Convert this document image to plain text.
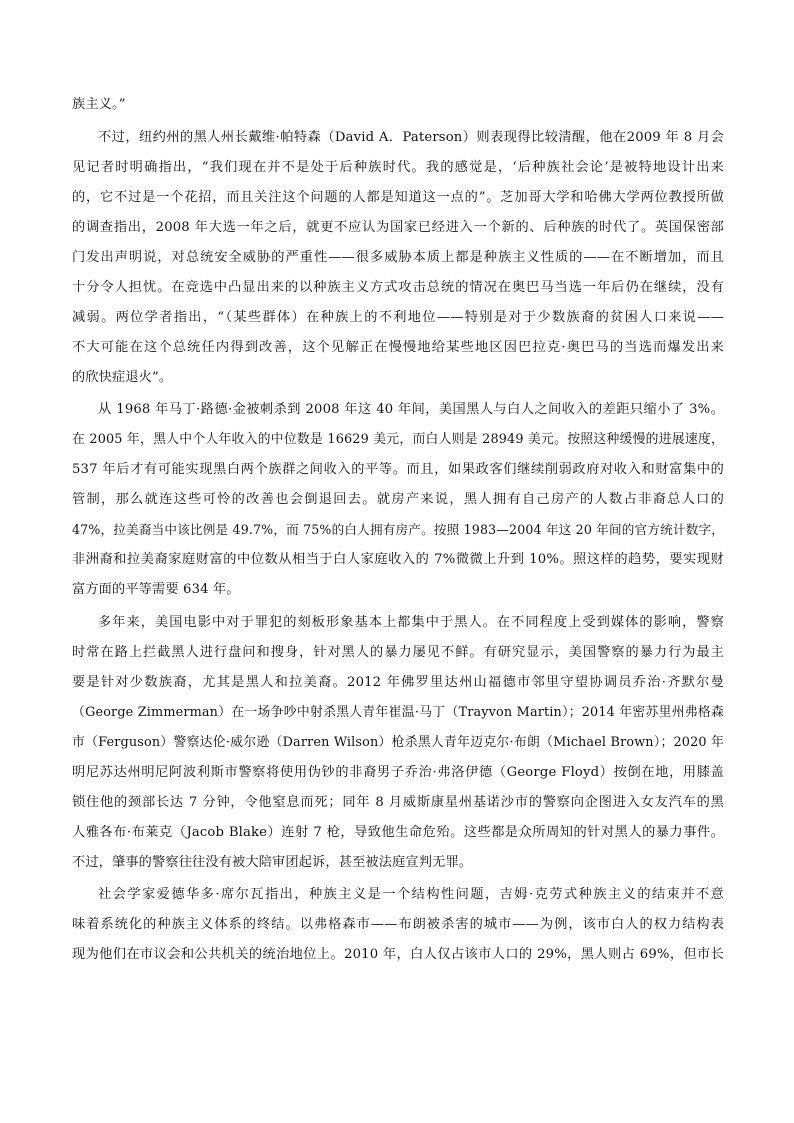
族主义。”
不过，纽约州的黑人州长戴维·帕特森（David A．Paterson）则表现得比较清醒，他在2009 年 8 月会
见记者时明确指出，“我们现在并不是处于后种族时代。我的感觉是，‘后种族社会论’是被特地设计出来
的，它不过是一个花招，而且关注这个问题的人都是知道这一点的”。芝加哥大学和哈佛大学两位教授所做
的调查指出，2008 年大选一年之后，就更不应认为国家已经进入一个新的、后种族的时代了。英国保密部
门发出声明说，对总统安全威胁的严重性——很多威胁本质上都是种族主义性质的——在不断增加，而且
十分令人担忧。在竞选中凸显出来的以种族主义方式攻击总统的情况在奥巴马当选一年后仍在继续，没有
减弱。两位学者指出，“（某些群体）在种族上的不利地位——特别是对于少数族裔的贫困人口来说——
不大可能在这个总统任内得到改善，这个见解正在慢慢地给某些地区因巴拉克·奥巴马的当选而爆发出来
的欣快症退火”。
从 1968 年马丁·路德·金被刺杀到 2008 年这 40 年间，美国黑人与白人之间收入的差距只缩小了 3%。
在 2005 年，黑人中个人年收入的中位数是 16629 美元，而白人则是 28949 美元。按照这种缓慢的进展速度，
537 年后才有可能实现黑白两个族群之间收入的平等。而且，如果政客们继续削弱政府对收入和财富集中的
管制，那么就连这些可怜的改善也会倒退回去。就房产来说，黑人拥有自己房产的人数占非裔总人口的
47%，拉美裔当中该比例是 49.7%，而 75%的白人拥有房产。按照 1983—2004 年这 20 年间的官方统计数字，
非洲裔和拉美裔家庭财富的中位数从相当于白人家庭收入的 7%微微上升到 10%。照这样的趋势，要实现财
富方面的平等需要 634 年。
多年来，美国电影中对于罪犯的刻板形象基本上都集中于黑人。在不同程度上受到媒体的影响，警察
时常在路上拦截黑人进行盘问和搜身，针对黑人的暴力屡见不鲜。有研究显示，美国警察的暴力行为最主
要是针对少数族裔，尤其是黑人和拉美裔。2012 年佛罗里达州山福德市邻里守望协调员乔治·齐默尔曼
（George Zimmerman）在一场争吵中射杀黑人青年崔温·马丁（Trayvon Martin）；2014 年密苏里州弗格森
市（Ferguson）警察达伦·威尔逊（Darren Wilson）枪杀黑人青年迈克尔·布朗（Michael Brown）；2020 年
明尼苏达州明尼阿波利斯市警察将使用伪钞的非裔男子乔治·弗洛伊德（George Floyd）按倒在地，用膝盖
锁住他的颈部长达 7 分钟，令他窒息而死；同年 8 月威斯康星州基诺沙市的警察向企图进入女友汽车的黑
人雅各布·布莱克（Jacob Blake）连射 7 枪，导致他生命危殆。这些都是众所周知的针对黑人的暴力事件。
不过，肇事的警察往往没有被大陪审团起诉，甚至被法庭宣判无罪。
社会学家爱德华多·席尔瓦指出，种族主义是一个结构性问题，吉姆·克劳式种族主义的结束并不意
味着系统化的种族主义体系的终结。以弗格森市——布朗被杀害的城市——为例，该市白人的权力结构表
现为他们在市议会和公共机关的统治地位上。2010 年，白人仅占该市人口的 29%，黑人则占 69%，但市长
